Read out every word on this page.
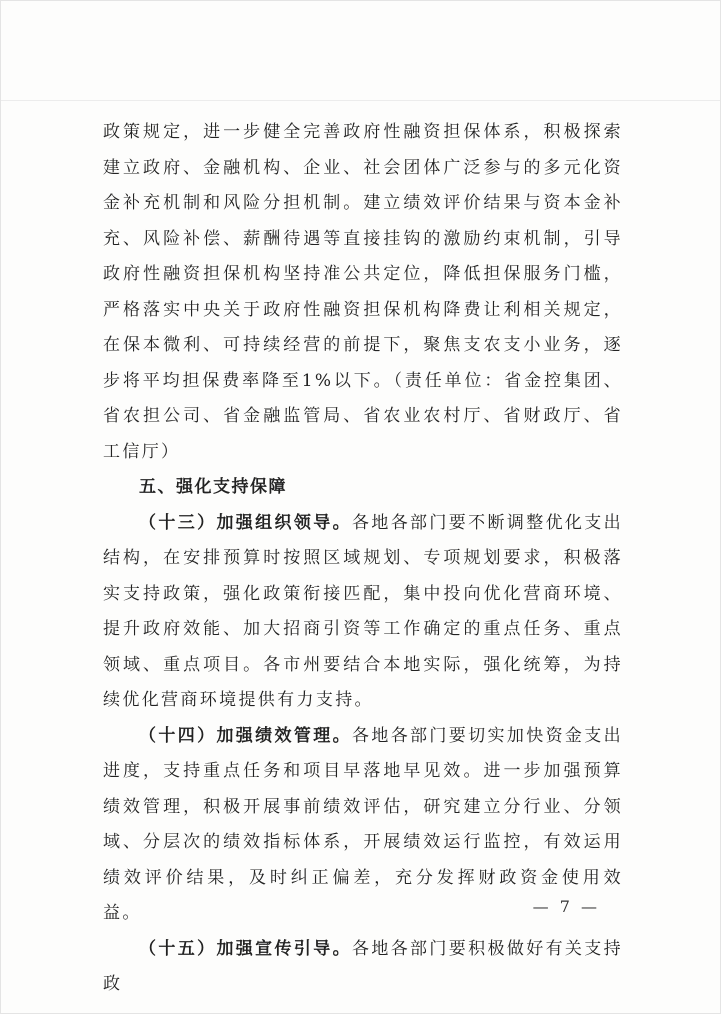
政策规定，进一步健全完善政府性融资担保体系，积极探索建立政府、金融机构、企业、社会团体广泛参与的多元化资金补充机制和风险分担机制。建立绩效评价结果与资本金补充、风险补偿、薪酬待遇等直接挂钩的激励约束机制，引导政府性融资担保机构坚持准公共定位，降低担保服务门槛，严格落实中央关于政府性融资担保机构降费让利相关规定，在保本微利、可持续经营的前提下，聚焦支农支小业务，逐步将平均担保费率降至1%以下。（责任单位：省金控集团、省农担公司、省金融监管局、省农业农村厅、省财政厅、省工信厅）

五、强化支持保障

（十三）加强组织领导。各地各部门要不断调整优化支出结构，在安排预算时按照区域规划、专项规划要求，积极落实支持政策，强化政策衔接匹配，集中投向优化营商环境、提升政府效能、加大招商引资等工作确定的重点任务、重点领域、重点项目。各市州要结合本地实际，强化统筹，为持续优化营商环境提供有力支持。

（十四）加强绩效管理。各地各部门要切实加快资金支出进度，支持重点任务和项目早落地早见效。进一步加强预算绩效管理，积极开展事前绩效评估，研究建立分行业、分领域、分层次的绩效指标体系，开展绩效运行监控，有效运用绩效评价结果，及时纠正偏差，充分发挥财政资金使用效益。

（十五）加强宣传引导。各地各部门要积极做好有关支持政

— 7 —
